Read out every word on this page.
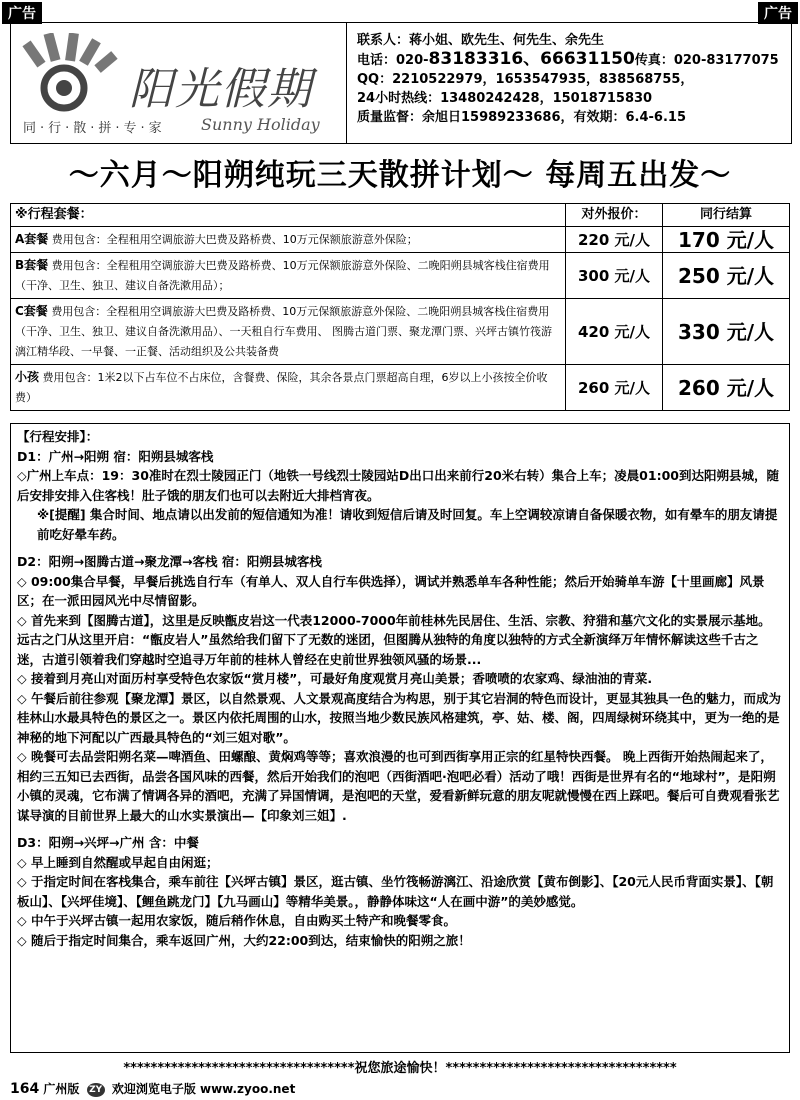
广告	广告
阳光假期
同·行·散·拼·专·家 Sunny Holiday
联系人：蒋小姐、欧先生、何先生、余先生
电话：020-83183316、66631150传真：020-83177075
QQ：2210522979，1653547935，838568755，
24小时热线：13480242428，15018715830
质量监督：余旭日15989233686，有效期：6.4-6.15
～六月～阳朔纯玩三天散拼计划～ 每周五出发～
※行程套餐：	对外报价：	同行结算
A套餐 费用包含：全程租用空调旅游大巴费及路桥费、10万元保额旅游意外保险；	220 元/人	170 元/人
B套餐 费用包含：全程租用空调旅游大巴费及路桥费、10万元保额旅游意外保险、二晚阳朔县城客栈住宿费用（干净、卫生、独卫、建议自备洗漱用品）；	300 元/人	250 元/人
C套餐 费用包含：全程租用空调旅游大巴费及路桥费、10万元保额旅游意外保险、二晚阳朔县城客栈住宿费用（干净、卫生、独卫、建议自备洗漱用品）、一天租自行车费用、 图腾古道门票、聚龙潭门票、兴坪古镇竹筏游漓江精华段、一早餐、一正餐、活动组织及公共装备费	420 元/人	330 元/人
小孩 费用包含：1米2以下占车位不占床位，含餐费、保险，其余各景点门票超高自理，6岁以上小孩按全价收费）	260 元/人	260 元/人

【行程安排】：

D1：广州→阳朔 宿：阳朔县城客栈

◇广州上车点：19：30准时在烈士陵园正门（地铁一号线烈士陵园站D出口出来前行20米右转）集合上车；凌晨01:00到达阳朔县城，随后安排安排入住客栈！肚子饿的朋友们也可以去附近大排档宵夜。

※[提醒] 集合时间、地点请以出发前的短信通知为准！请收到短信后请及时回复。车上空调较凉请自备保暖衣物，如有晕车的朋友请提前吃好晕车药。

D2：阳朔→图腾古道→聚龙潭→客栈 宿：阳朔县城客栈

◇ 09:00集合早餐，早餐后挑选自行车（有单人、双人自行车供选择），调试并熟悉单车各种性能；然后开始骑单车游【十里画廊】风景区；在一派田园风光中尽情留影。

◇ 首先来到【图腾古道】，这里是反映甑皮岩这一代表12000-7000年前桂林先民居住、生活、宗教、狩猎和墓穴文化的实景展示基地。远古之门从这里开启：“甑皮岩人”虽然给我们留下了无数的迷团，但图腾从独特的角度以独特的方式全新演绎万年情怀解读这些千古之迷，古道引领着我们穿越时空追寻万年前的桂林人曾经在史前世界独领风骚的场景...

◇ 接着到月亮山对面历村享受特色农家饭“赏月楼”，可最好角度观赏月亮山美景；香喷喷的农家鸡、绿油油的青菜.

◇ 午餐后前往参观【聚龙潭】景区，以自然景观、人文景观高度结合为构思，别于其它岩洞的特色而设计，更显其独具一色的魅力，而成为桂林山水最具特色的景区之一。景区内依托周围的山水，按照当地少数民族风格建筑，亭、姑、楼、阁，四周绿树环绕其中，更为一绝的是神秘的地下河配以广西最具特色的“刘三姐对歌”。

◇ 晚餐可去品尝阳朔名菜—啤酒鱼、田螺酿、黄焖鸡等等；喜欢浪漫的也可到西街享用正宗的红星特快西餐。 晚上西街开始热闹起来了，相约三五知已去西街，品尝各国风味的西餐，然后开始我们的泡吧（西街酒吧·泡吧必看）活动了哦！西街是世界有名的“地球村”，是阳朔小镇的灵魂，它布满了情调各异的酒吧，充满了异国情调，是泡吧的天堂，爱看新鲜玩意的朋友呢就慢慢在西上踩吧。餐后可自费观看张艺谋导演的目前世界上最大的山水实景演出—【印象刘三姐】.

D3：阳朔→兴坪→广州 含：中餐

◇ 早上睡到自然醒或早起自由闲逛；

◇ 于指定时间在客栈集合，乘车前往【兴坪古镇】景区，逛古镇、坐竹筏畅游漓江、沿途欣赏【黄布倒影】、【20元人民币背面实景】、【朝板山】、【兴坪佳境】、【鲤鱼跳龙门】【九马画山】等精华美景。，静静体味这“人在画中游”的美妙感觉。

◇ 中午于兴坪古镇一起用农家饭，随后稍作休息，自由购买土特产和晚餐零食。

◇ 随后于指定时间集合，乘车返回广州，大约22:00到达，结束愉快的阳朔之旅！

**********************************祝您旅途愉快！**********************************
164 广州版 ZY 欢迎浏览电子版 www.zyoo.net
